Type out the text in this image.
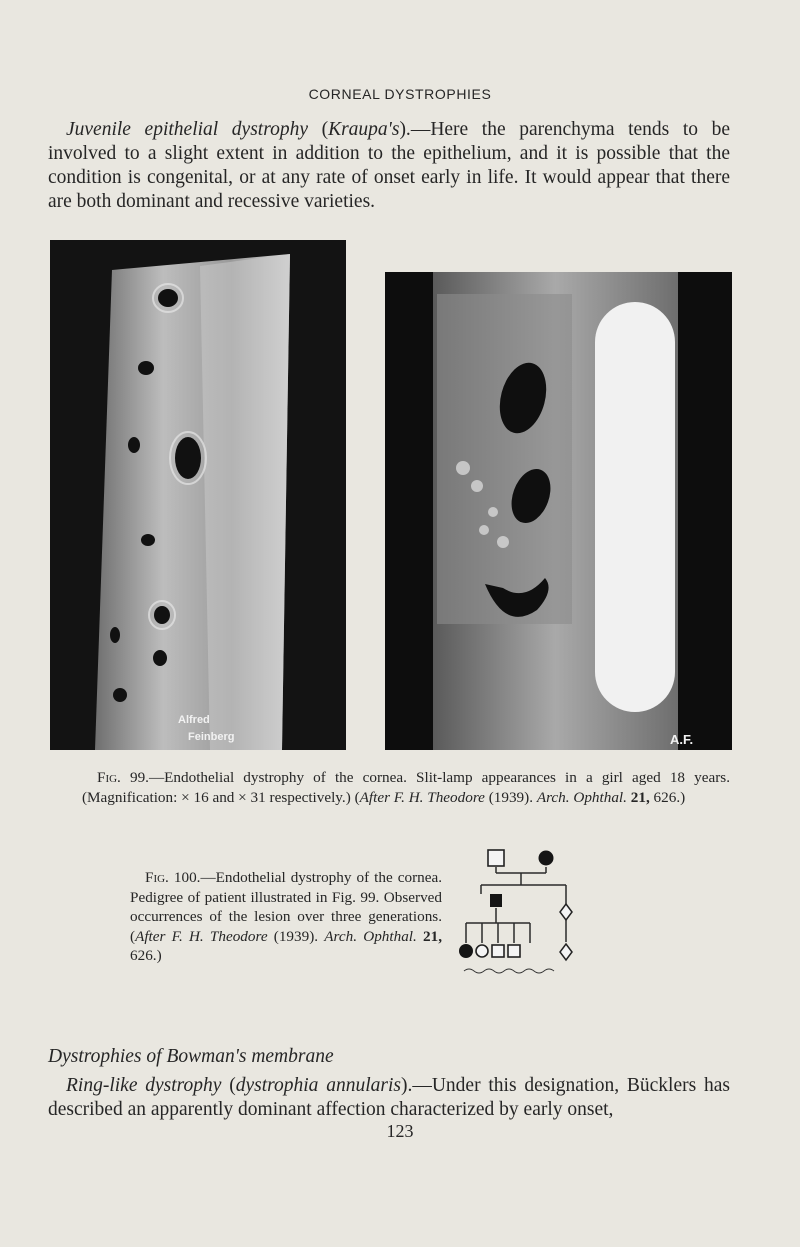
CORNEAL DYSTROPHIES

Juvenile epithelial dystrophy (Kraupa's).—Here the parenchyma tends to be involved to a slight extent in addition to the epithelium, and it is possible that the condition is congenital, or at any rate of onset early in life. It would appear that there are both dominant and recessive varieties.

Alfred
Feinberg	A.F.

Fig. 99.—Endothelial dystrophy of the cornea. Slit-lamp appearances in a girl aged 18 years. (Magnification: × 16 and × 31 respectively.) (After F. H. Theodore (1939). Arch. Ophthal. 21, 626.)

Fig. 100.—Endothelial dystrophy of the cornea. Pedigree of patient illustrated in Fig. 99. Observed occurrences of the lesion over three generations. (After F. H. Theodore (1939). Arch. Ophthal. 21, 626.)

Dystrophies of Bowman's membrane

Ring-like dystrophy (dystrophia annularis).—Under this designation, Bücklers has described an apparently dominant affection characterized by early onset,

123
